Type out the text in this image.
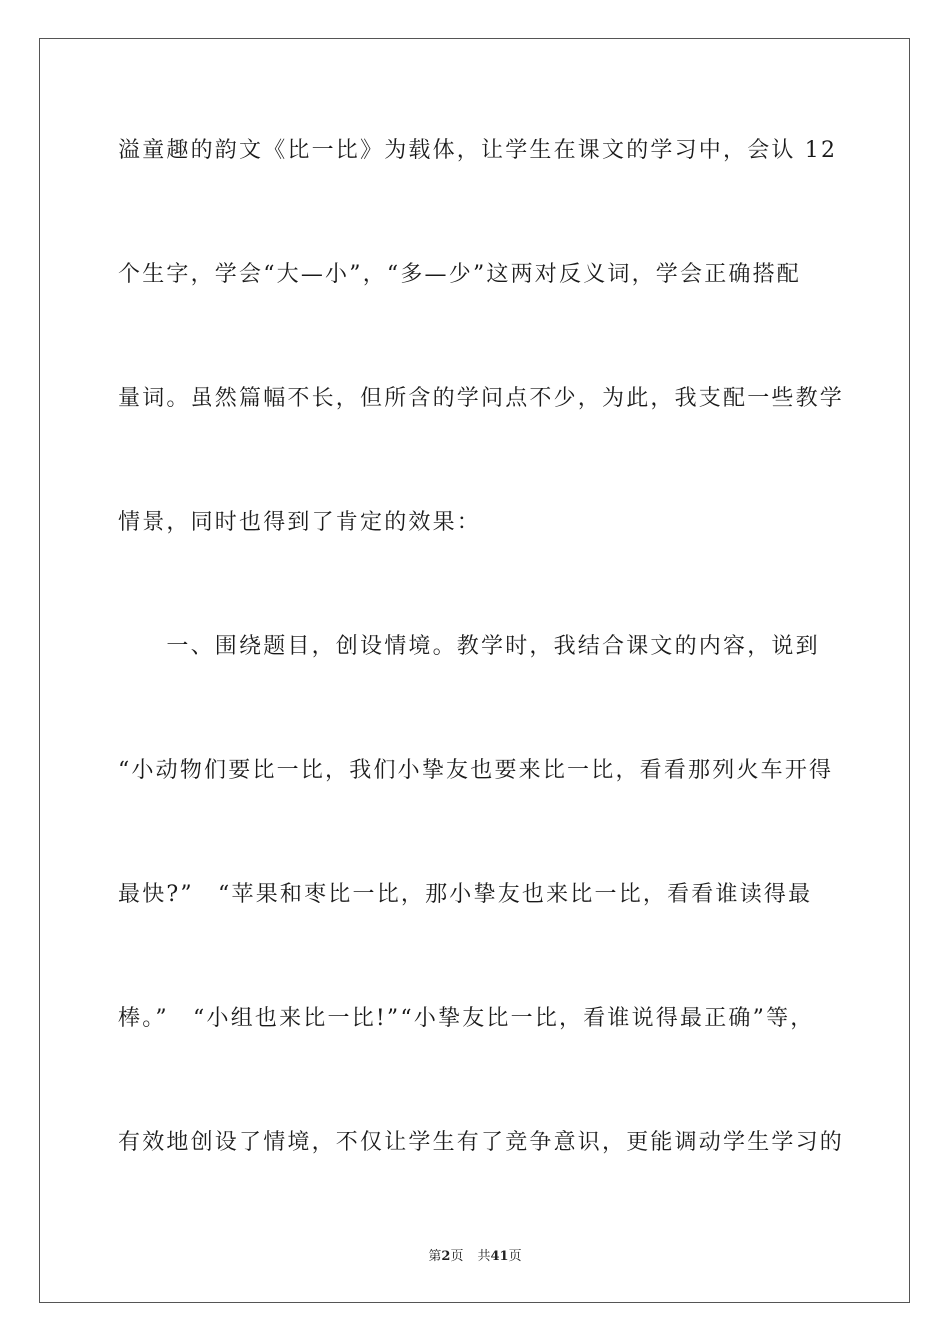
溢童趣的韵文《比一比》为载体，让学生在课文的学习中，会认 12
个生字，学会“大—小”，“多—少”这两对反义词，学会正确搭配
量词。虽然篇幅不长，但所含的学问点不少，为此，我支配一些教学
情景，同时也得到了肯定的效果：
　　一、围绕题目，创设情境。教学时，我结合课文的内容，说到
“小动物们要比一比，我们小挚友也要来比一比，看看那列火车开得
最快?”　“苹果和枣比一比，那小挚友也来比一比，看看谁读得最
棒。”　“小组也来比一比!”“小挚友比一比，看谁说得最正确”等，
有效地创设了情境，不仅让学生有了竞争意识，更能调动学生学习的
第2页 共41页
